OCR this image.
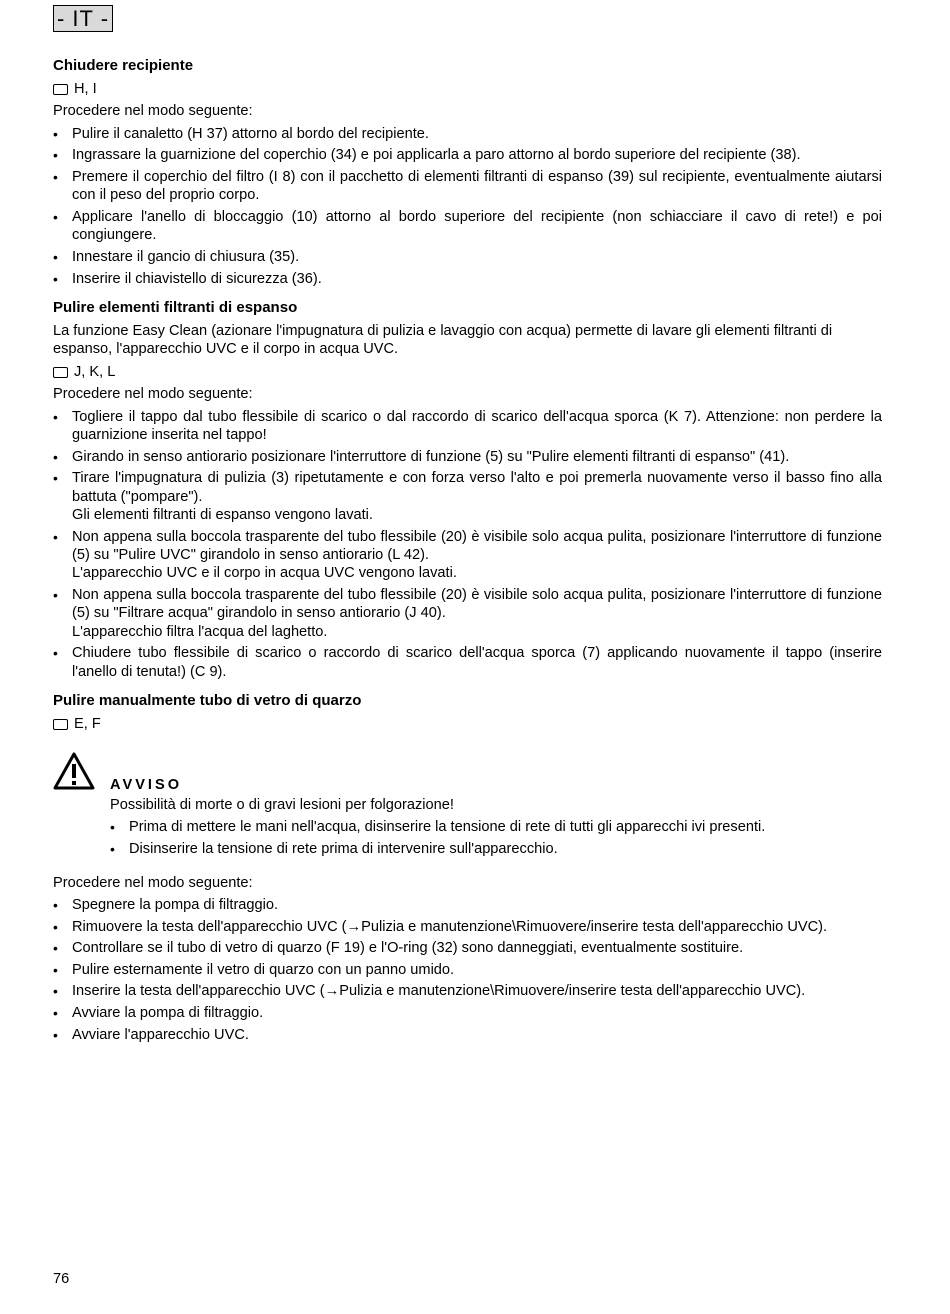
- IT -
Chiudere recipiente
H, I

Procedere nel modo seguente:

• Pulire il canaletto (H 37) attorno al bordo del recipiente.
• Ingrassare la guarnizione del coperchio (34) e poi applicarla a paro attorno al bordo superiore del recipiente (38).
• Premere il coperchio del filtro (I 8) con il pacchetto di elementi filtranti di espanso (39) sul recipiente, eventualmente aiutarsi con il peso del proprio corpo.
• Applicare l'anello di bloccaggio (10) attorno al bordo superiore del recipiente (non schiacciare il cavo di rete!) e poi congiungere.
• Innestare il gancio di chiusura (35).
• Inserire il chiavistello di sicurezza (36).
Pulire elementi filtranti di espanso

La funzione Easy Clean (azionare l'impugnatura di pulizia e lavaggio con acqua) permette di lavare gli elementi filtranti di espanso, l'apparecchio UVC e il corpo in acqua UVC.

J, K, L

Procedere nel modo seguente:

• Togliere il tappo dal tubo flessibile di scarico o dal raccordo di scarico dell'acqua sporca (K 7). Attenzione: non perdere la guarnizione inserita nel tappo!
• Girando in senso antiorario posizionare l'interruttore di funzione (5) su "Pulire elementi filtranti di espanso" (41).
• Tirare l'impugnatura di pulizia (3) ripetutamente e con forza verso l'alto e poi premerla nuovamente verso il basso fino alla battuta ("pompare").
Gli elementi filtranti di espanso vengono lavati.
• Non appena sulla boccola trasparente del tubo flessibile (20) è visibile solo acqua pulita, posizionare l'interruttore di funzione (5) su "Pulire UVC" girandolo in senso antiorario (L 42).
L'apparecchio UVC e il corpo in acqua UVC vengono lavati.
• Non appena sulla boccola trasparente del tubo flessibile (20) è visibile solo acqua pulita, posizionare l'interruttore di funzione (5) su "Filtrare acqua" girandolo in senso antiorario (J 40).
L'apparecchio filtra l'acqua del laghetto.
• Chiudere tubo flessibile di scarico o raccordo di scarico dell'acqua sporca (7) applicando nuovamente il tappo (inserire l'anello di tenuta!) (C 9).
Pulire manualmente tubo di vetro di quarzo
E, F
AVVISO

Possibilità di morte o di gravi lesioni per folgorazione!

• Prima di mettere le mani nell'acqua, disinserire la tensione di rete di tutti gli apparecchi ivi presenti.
• Disinserire la tensione di rete prima di intervenire sull'apparecchio.

Procedere nel modo seguente:

• Spegnere la pompa di filtraggio.
• Rimuovere la testa dell'apparecchio UVC (→Pulizia e manutenzione\Rimuovere/inserire testa dell'apparecchio UVC).
• Controllare se il tubo di vetro di quarzo (F 19) e l'O-ring (32) sono danneggiati, eventualmente sostituire.
• Pulire esternamente il vetro di quarzo con un panno umido.
• Inserire la testa dell'apparecchio UVC (→Pulizia e manutenzione\Rimuovere/inserire testa dell'apparecchio UVC).
• Avviare la pompa di filtraggio.
• Avviare l'apparecchio UVC.
76
